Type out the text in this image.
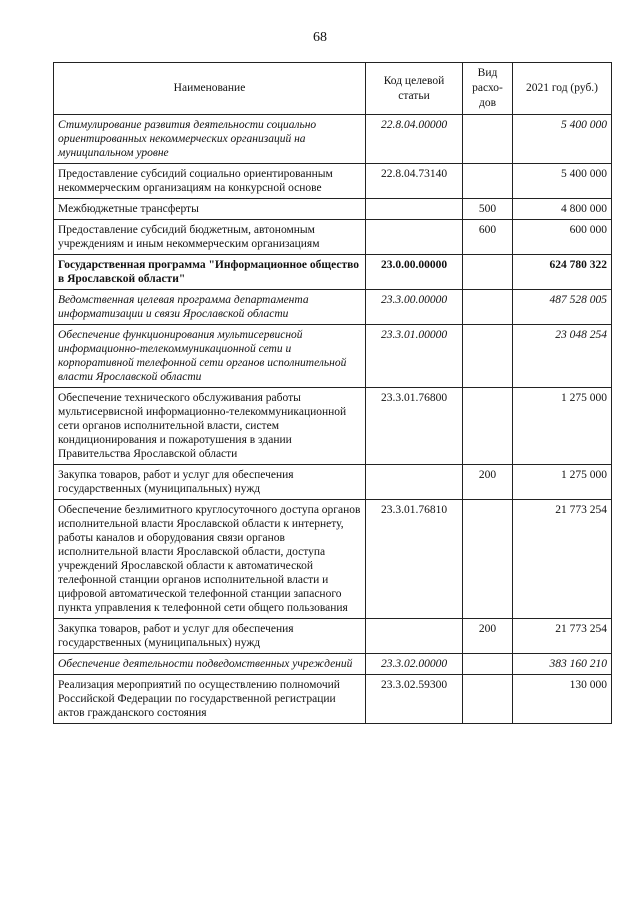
68
Наименование	Код целевой статьи	Вид расхо-дов	2021 год (руб.)
Стимулирование развития деятельности социально ориентированных некоммерческих организаций на муниципальном уровне	22.8.04.00000		5 400 000
Предоставление субсидий социально ориентированным некоммерческим организациям на конкурсной основе	22.8.04.73140		5 400 000
Межбюджетные трансферты		500	4 800 000
Предоставление субсидий бюджетным, автономным учреждениям и иным некоммерческим организациям		600	600 000
Государственная программа "Информационное общество в Ярославской области"	23.0.00.00000		624 780 322
Ведомственная целевая программа департамента информатизации и связи Ярославской области	23.3.00.00000		487 528 005
Обеспечение функционирования мультисервисной информационно-телекоммуникационной сети и корпоративной телефонной сети органов исполнительной власти Ярославской области	23.3.01.00000		23 048 254
Обеспечение технического обслуживания работы мультисервисной информационно-телекоммуникационной сети органов исполнительной власти, систем кондиционирования и пожаротушения в здании Правительства Ярославской области	23.3.01.76800		1 275 000
Закупка товаров, работ и услуг для обеспечения государственных (муниципальных) нужд		200	1 275 000
Обеспечение безлимитного круглосуточного доступа органов исполнительной власти Ярославской области к интернету, работы каналов и оборудования связи органов исполнительной власти Ярославской области, доступа учреждений Ярославской области к автоматической телефонной станции органов исполнительной власти и цифровой автоматической телефонной станции запасного пункта управления к телефонной сети общего пользования	23.3.01.76810		21 773 254
Закупка товаров, работ и услуг для обеспечения государственных (муниципальных) нужд		200	21 773 254
Обеспечение деятельности подведомственных учреждений	23.3.02.00000		383 160 210
Реализация мероприятий по осуществлению полномочий Российской Федерации по государственной регистрации актов гражданского состояния	23.3.02.59300		130 000
